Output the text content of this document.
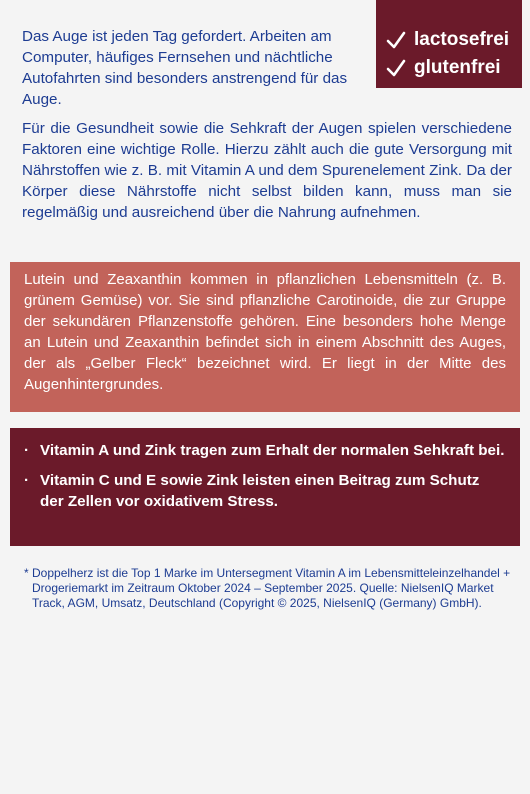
lactosefrei
glutenfrei

Das Auge ist jeden Tag gefordert. Arbeiten am Computer, häufiges Fernsehen und nächtliche Autofahrten sind besonders anstrengend für das Auge.

Für die Gesundheit sowie die Sehkraft der Augen spielen verschiedene Faktoren eine wichtige Rolle. Hierzu zählt auch die gute Versorgung mit Nährstoffen wie z. B. mit Vitamin A und dem Spurenelement Zink. Da der Körper diese Nährstoffe nicht selbst bilden kann, muss man sie regelmäßig und ausreichend über die Nahrung aufnehmen.

Lutein und Zeaxanthin kommen in pflanzlichen Lebensmitteln (z. B. grünem Gemüse) vor. Sie sind pflanzliche Carotinoide, die zur Gruppe der sekundären Pflanzenstoffe gehören. Eine besonders hohe Menge an Lutein und Zeaxanthin befindet sich in einem Abschnitt des Auges, der als „Gelber Fleck“ bezeichnet wird. Er liegt in der Mitte des Augenhintergrundes.

· Vitamin A und Zink tragen zum Erhalt der normalen Sehkraft bei.
· Vitamin C und E sowie Zink leisten einen Beitrag zum Schutz der Zellen vor oxidativem Stress.
* Doppelherz ist die Top 1 Marke im Untersegment Vitamin A im Lebensmitteleinzelhandel + Drogeriemarkt im Zeitraum Oktober 2024 – September 2025. Quelle: NielsenIQ Market Track, AGM, Umsatz, Deutschland (Copyright © 2025, NielsenIQ (Germany) GmbH).
